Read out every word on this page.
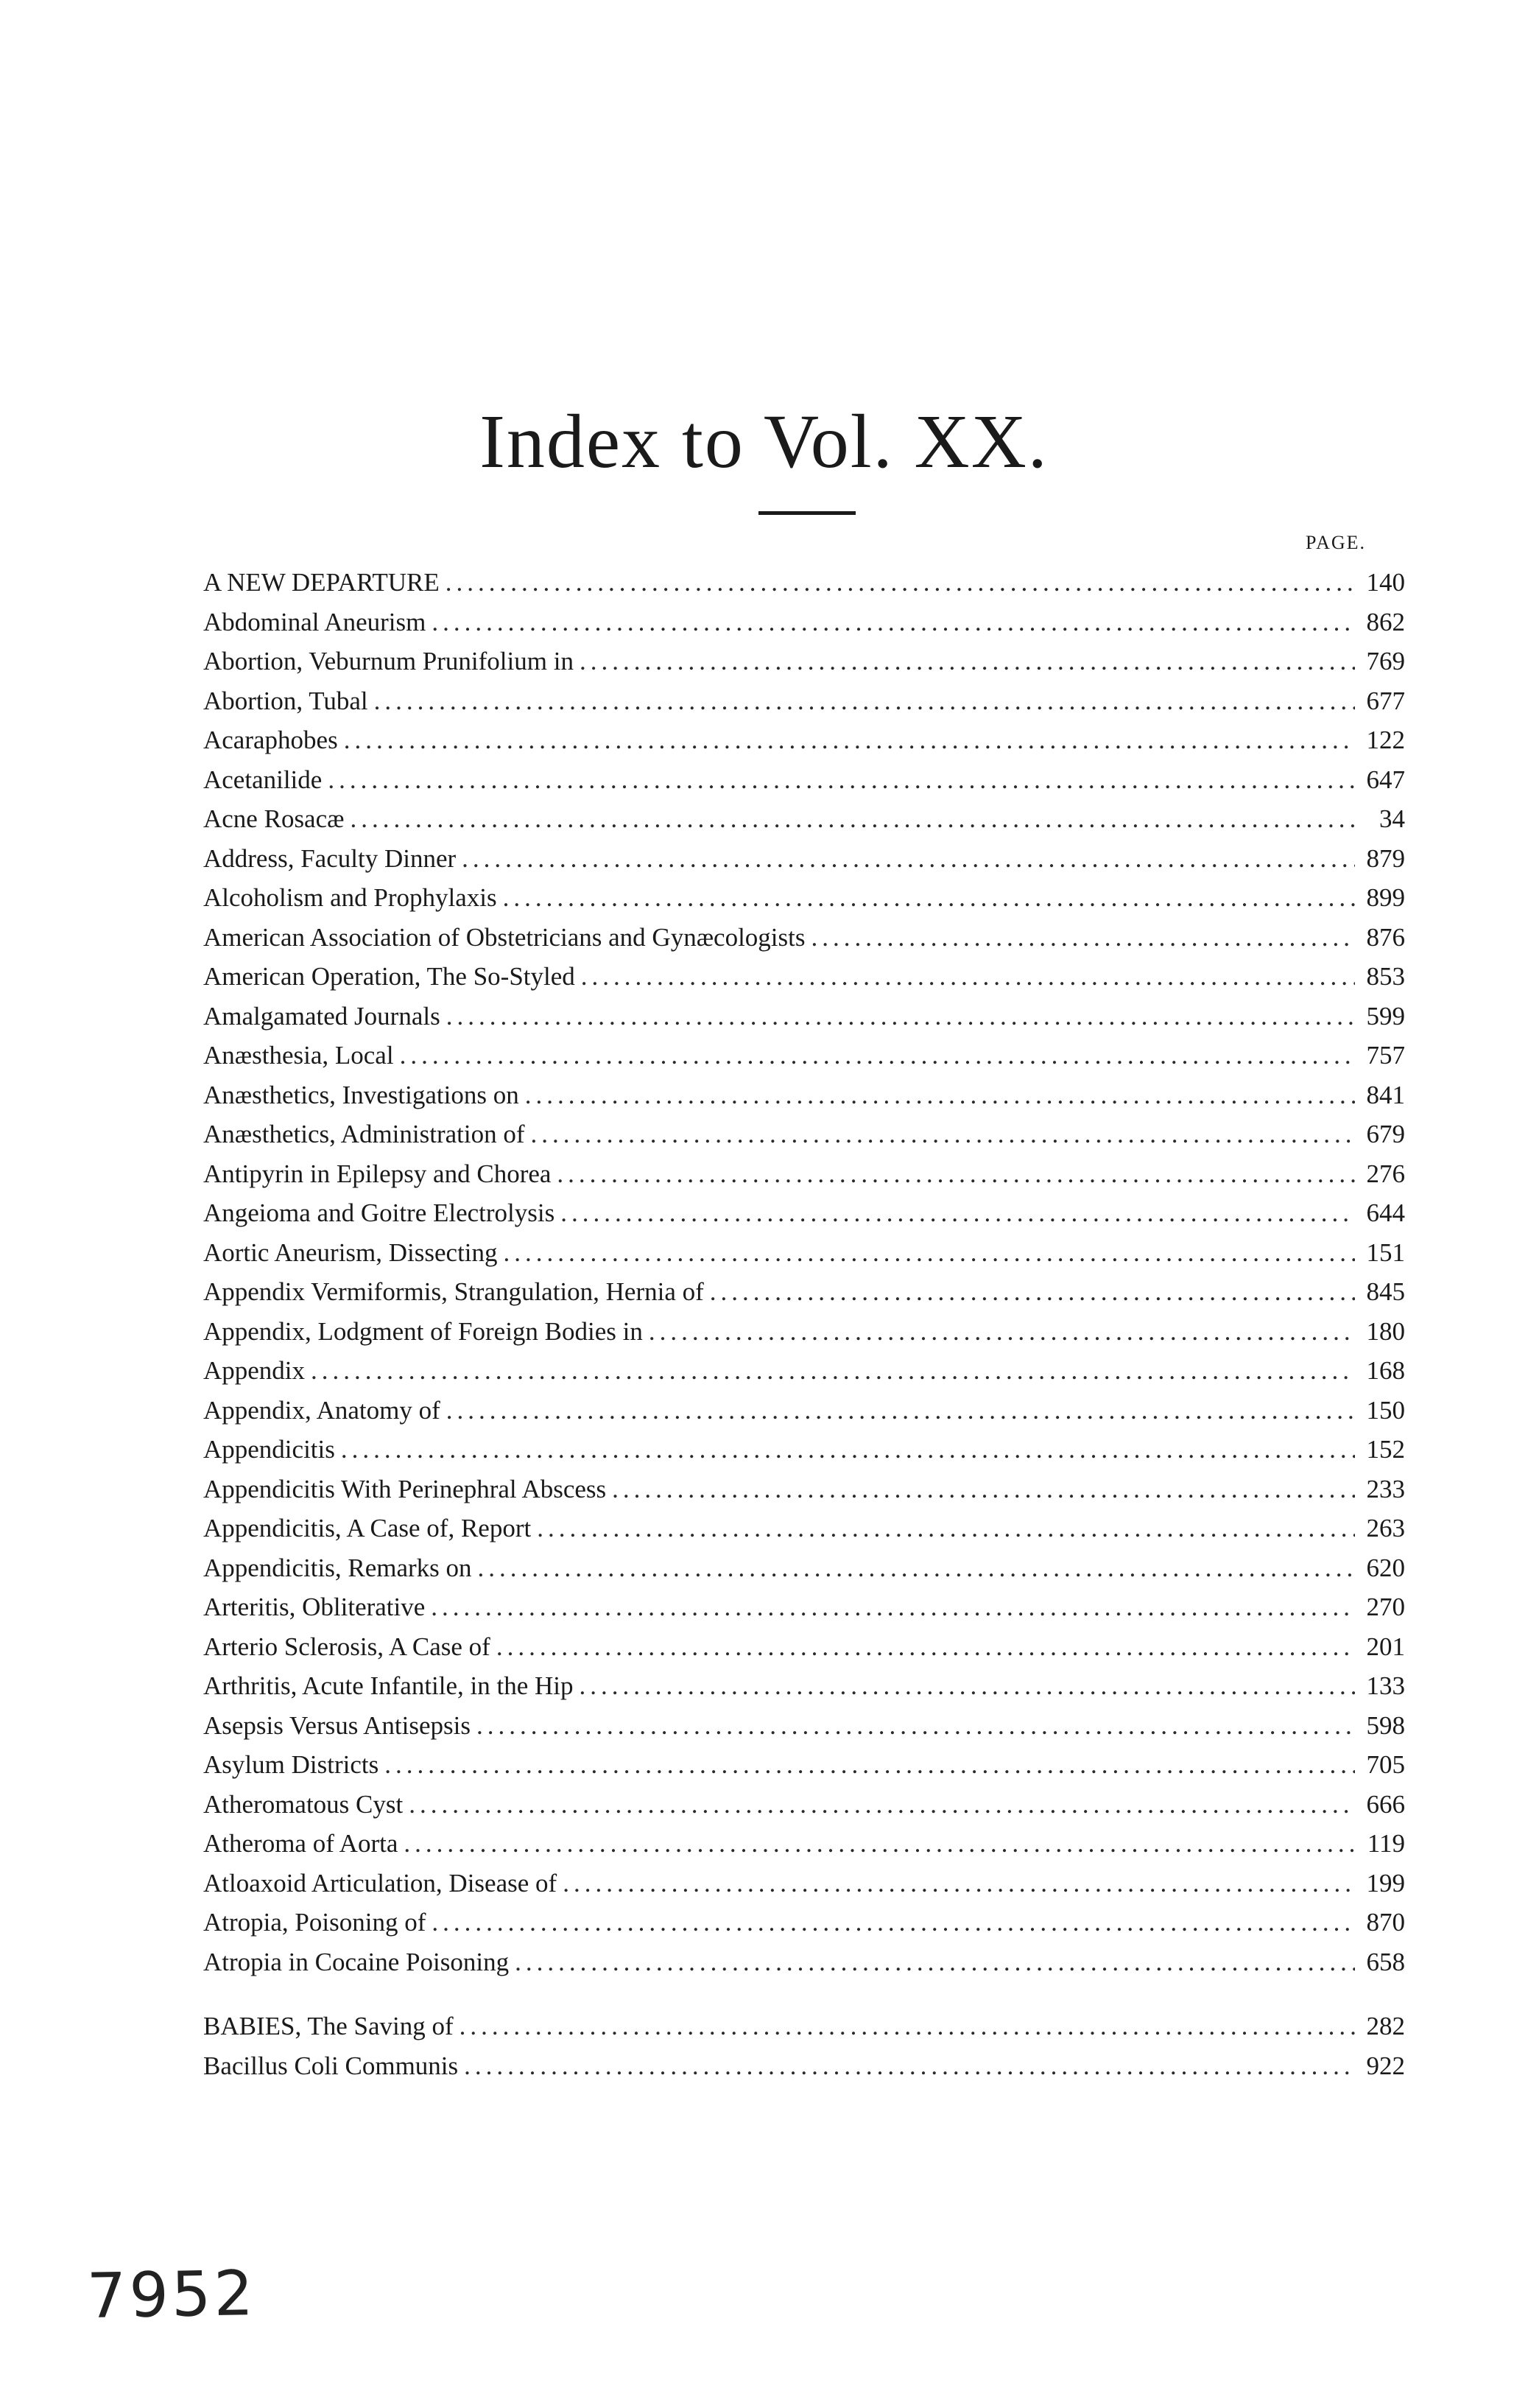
Index to Vol. XX.
PAGE.
A NEW DEPARTURE .....	140
Abdominal Aneurism .....	862
Abortion, Veburnum Prunifolium in .....	769
Abortion, Tubal .....	677
Acaraphobes .....	122
Acetanilide .....	647
Acne Rosacæ .....	34
Address, Faculty Dinner .....	879
Alcoholism and Prophylaxis .....	899
American Association of Obstetricians and Gynæcologists .....	876
American Operation, The So-Styled .....	853
Amalgamated Journals .....	599
Anæsthesia, Local .....	757
Anæsthetics, Investigations on .....	841
Anæsthetics, Administration of .....	679
Antipyrin in Epilepsy and Chorea .....	276
Angeioma and Goitre Electrolysis .....	644
Aortic Aneurism, Dissecting .....	151
Appendix Vermiformis, Strangulation, Hernia of .....	845
Appendix, Lodgment of Foreign Bodies in .....	180
Appendix .....	168
Appendix, Anatomy of .....	150
Appendicitis .....	152
Appendicitis With Perinephral Abscess .....	233
Appendicitis, A Case of, Report .....	263
Appendicitis, Remarks on .....	620
Arteritis, Obliterative .....	270
Arterio Sclerosis, A Case of .....	201
Arthritis, Acute Infantile, in the Hip .....	133
Asepsis Versus Antisepsis .....	598
Asylum Districts .....	705
Atheromatous Cyst .....	666
Atheroma of Aorta .....	119
Atloaxoid Articulation, Disease of .....	199
Atropia, Poisoning of .....	870
Atropia in Cocaine Poisoning .....	658
BABIES, The Saving of .....	282
Bacillus Coli Communis .....	922
7952
